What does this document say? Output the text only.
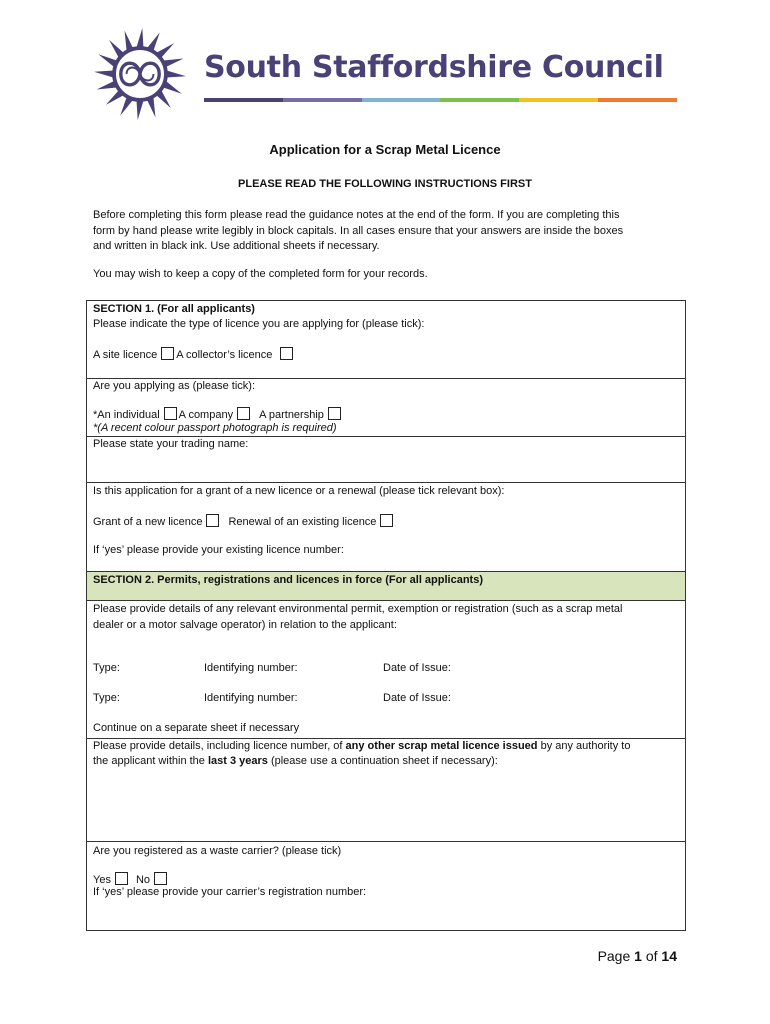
South Staffordshire Council
Application for a Scrap Metal Licence
PLEASE READ THE FOLLOWING INSTRUCTIONS FIRST
Before completing this form please read the guidance notes at the end of the form. If you are completing this
form by hand please write legibly in block capitals. In all cases ensure that your answers are inside the boxes
and written in black ink. Use additional sheets if necessary.
You may wish to keep a copy of the completed form for your records.
SECTION 1. (For all applicants)
Please indicate the type of licence you are applying for (please tick):
A site licence A collector’s licence
Are you applying as (please tick):
*An individual A company A partnership
*(A recent colour passport photograph is required)
Please state your trading name:
Is this application for a grant of a new licence or a renewal (please tick relevant box):
Grant of a new licence Renewal of an existing licence
If ‘yes’ please provide your existing licence number:
SECTION 2. Permits, registrations and licences in force (For all applicants)
Please provide details of any relevant environmental permit, exemption or registration (such as a scrap metal
dealer or a motor salvage operator) in relation to the applicant:
Type:	Identifying number:	Date of Issue:
Type:	Identifying number:	Date of Issue:
Continue on a separate sheet if necessary
Please provide details, including licence number, of any other scrap metal licence issued by any authority to
the applicant within the last 3 years (please use a continuation sheet if necessary):
Are you registered as a waste carrier? (please tick)
Yes No
If ‘yes’ please provide your carrier’s registration number:
Page 1 of 14
